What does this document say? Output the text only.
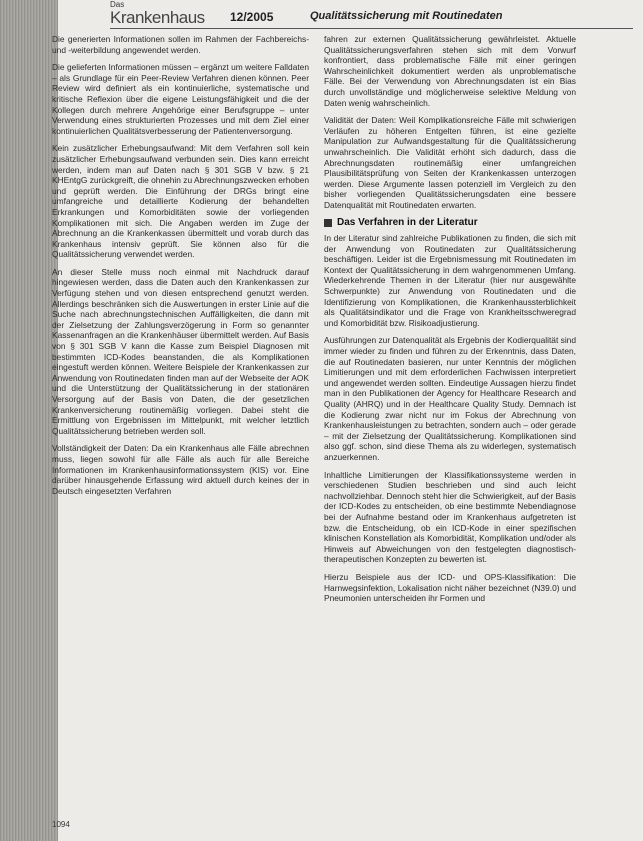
Das
Krankenhaus 12/2005	Qualitätssicherung mit Routinedaten

Die generierten Informationen sollen im Rahmen der Fachbereichs- und -weiterbildung angewendet werden.

Die gelieferten Informationen müssen – ergänzt um weitere Falldaten – als Grundlage für ein Peer-Review Verfahren dienen können. Peer Review wird definiert als ein kontinuierliche, systematische und kritische Reflexion über die eigene Leistungsfähigkeit und die der Kollegen durch mehrere Angehörige einer Berufsgruppe – unter Verwendung eines strukturierten Prozesses und mit dem Ziel einer kontinuierlichen Qualitätsverbesserung der Patientenversorgung.

Kein zusätzlicher Erhebungsaufwand: Mit dem Verfahren soll kein zusätzlicher Erhebungsaufwand verbunden sein. Dies kann erreicht werden, indem man auf Daten nach § 301 SGB V bzw. § 21 KHEntgG zurückgreift, die ohnehin zu Abrechnungszwecken erhoben und geprüft werden. Die Einführung der DRGs bringt eine umfangreiche und detaillierte Kodierung der behandelten Erkrankungen und Komorbiditäten sowie der vorliegenden Komplikationen mit sich. Die Angaben werden im Zuge der Abrechnung an die Krankenkassen übermittelt und vorab durch das Krankenhaus intensiv geprüft. Sie können also für die Qualitätssicherung verwendet werden.

An dieser Stelle muss noch einmal mit Nachdruck darauf hingewiesen werden, dass die Daten auch den Krankenkassen zur Verfügung stehen und von diesen entsprechend genutzt werden. Allerdings beschränken sich die Auswertungen in erster Linie auf die Suche nach abrechnungstechnischen Auffälligkeiten, die dann mit der Zielsetzung der Zahlungsverzögerung in Form so genannter Kassenanfragen an die Krankenhäuser übermittelt werden. Auf Basis von § 301 SGB V kann die Kasse zum Beispiel Diagnosen mit bestimmten ICD-Kodes beanstanden, die als Komplikationen eingestuft werden können. Weitere Beispiele der Krankenkassen zur Anwendung von Routinedaten finden man auf der Webseite der AOK und die Unterstützung der Qualitätssicherung in der stationären Versorgung auf der Basis von Daten, die der gesetzlichen Krankenversicherung routinemäßig vorliegen. Dabei steht die Ermittlung von Ergebnissen im Mittelpunkt, mit welcher letztlich Qualitätssicherung betrieben werden soll.

Vollständigkeit der Daten: Da ein Krankenhaus alle Fälle abrechnen muss, liegen sowohl für alle Fälle als auch für alle Bereiche Informationen im Krankenhausinformationssystem (KIS) vor. Eine darüber hinausgehende Erfassung wird aktuell durch keines der in Deutsch eingesetzten Verfahren

fahren zur externen Qualitätssicherung gewährleistet. Aktuelle Qualitätssicherungsverfahren stehen sich mit dem Vorwurf konfrontiert, dass problematische Fälle mit einer geringen Wahrscheinlichkeit dokumentiert werden als unproblematische Fälle. Bei der Verwendung von Abrechnungsdaten ist ein Bias durch unvollständige und möglicherweise selektive Meldung von Daten wenig wahrscheinlich.

Validität der Daten: Weil Komplikationsreiche Fälle mit schwierigen Verläufen zu höheren Entgelten führen, ist eine gezielte Manipulation zur Aufwandsgestaltung für die Qualitätssicherung unwahrscheinlich. Die Validität erhöht sich dadurch, dass die Abrechnungsdaten routinemäßig einer umfangreichen Plausibilitätsprüfung von Seiten der Krankenkassen unterzogen werden. Diese Argumente lassen potenziell im Vergleich zu den bisher vorliegenden Qualitätssicherungsdaten eine bessere Datenqualität mit Routinedaten erwarten.

Das Verfahren in der Literatur

In der Literatur sind zahlreiche Publikationen zu finden, die sich mit der Anwendung von Routinedaten zur Qualitätssicherung beschäftigen. Leider ist die Ergebnismessung mit Routinedaten im Kontext der Qualitätssicherung in dem wahrgenommenen Umfang. Wiederkehrende Themen in der Literatur (hier nur ausgewählte Schwerpunkte) zur Anwendung von Routinedaten und die Identifizierung von Komplikationen, die Krankenhaussterblichkeit als Qualitätsindikator und die Frage von Krankheitsschweregrad und Komorbidität bzw. Risikoadjustierung.

Ausführungen zur Datenqualität als Ergebnis der Kodierqualität sind immer wieder zu finden und führen zu der Erkenntnis, dass Daten, die auf Routinedaten basieren, nur unter Kenntnis der möglichen Limitierungen und mit dem erforderlichen Fachwissen interpretiert und angewendet werden sollten. Eindeutige Aussagen hierzu findet man in den Publikationen der Agency for Healthcare Research and Quality (AHRQ) und in der Healthcare Quality Study. Demnach ist die Kodierung zwar nicht nur im Fokus der Abrechnung von Krankenhausleistungen zu betrachten, sondern auch – oder gerade – mit der Zielsetzung der Qualitätssicherung. Komplikationen sind also ggf. schon, sind diese Thema als zu widerlegen, systematisch anzuerkennen.

Inhaltliche Limitierungen der Klassifikationssysteme werden in verschiedenen Studien beschrieben und sind auch leicht nachvollziehbar. Dennoch steht hier die Schwierigkeit, auf der Basis der ICD-Kodes zu entscheiden, ob eine bestimmte Nebendiagnose bei der Aufnahme bestand oder im Krankenhaus aufgetreten ist bzw. die Entscheidung, ob ein ICD-Kode in einer spezifischen klinischen Konstellation als Komorbidität, Komplikation und/oder als Hinweis auf Abweichungen von den festgelegten diagnostisch-therapeutischen Konzepten zu bewerten ist.

Hierzu Beispiele aus der ICD- und OPS-Klassifikation: Die Harnwegsinfektion, Lokalisation nicht näher bezeichnet (N39.0) und Pneumonien unterscheiden ihr Formen und

1094
